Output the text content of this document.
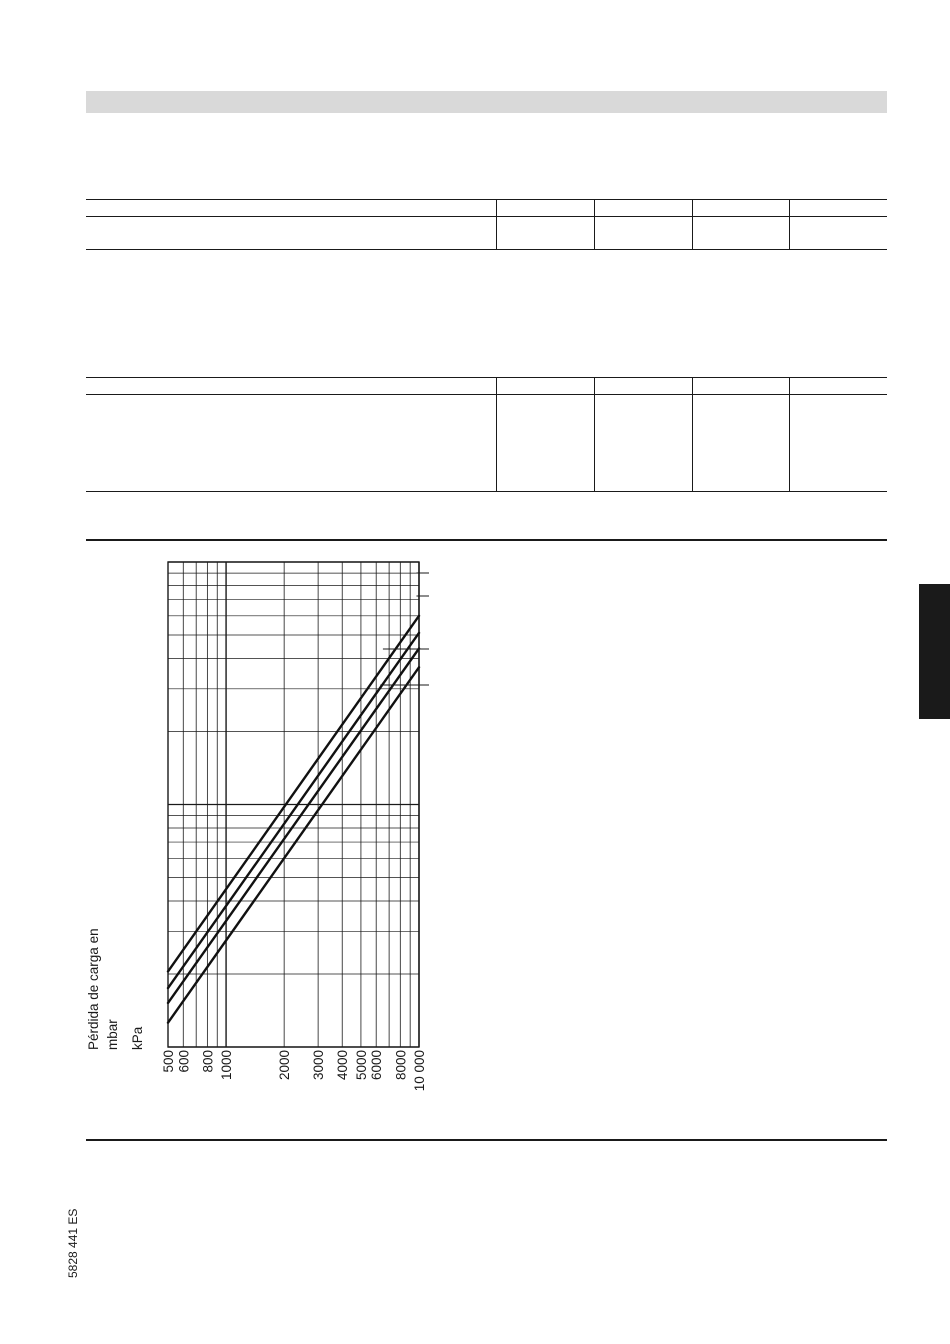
500 600 800 1000	2000 3000 4000 5000 6000 8000 10 000
Pérdida de carga en mbar kPa
5828 441 ES
